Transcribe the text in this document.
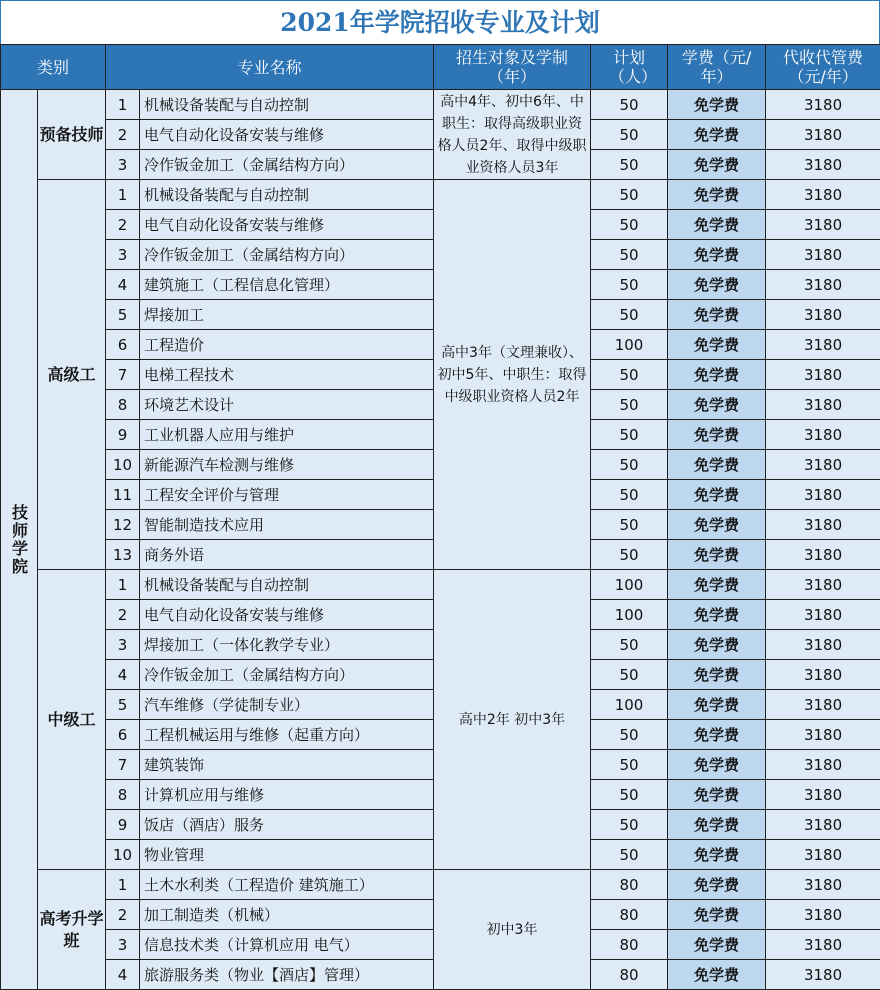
2021年学院招收专业及计划
类别		专业名称		招生对象及学制（年）	计划（人）	学费（元/年）	代收代管费（元/年）
技师学院	预备技师	1	机械设备装配与自动控制	高中4年、初中6年、中职生：取得高级职业资格人员2年、取得中级职业资格人员3年	50	免学费	3180
		2	电气自动化设备安装与维修		50	免学费	3180
		3	冷作钣金加工（金属结构方向）		50	免学费	3180
	高级工	1	机械设备装配与自动控制	高中3年（文理兼收）、初中5年、中职生：取得中级职业资格人员2年	50	免学费	3180
		2	电气自动化设备安装与维修		50	免学费	3180
		3	冷作钣金加工（金属结构方向）		50	免学费	3180
		4	建筑施工（工程信息化管理）		50	免学费	3180
		5	焊接加工		50	免学费	3180
		6	工程造价		100	免学费	3180
		7	电梯工程技术		50	免学费	3180
		8	环境艺术设计		50	免学费	3180
		9	工业机器人应用与维护		50	免学费	3180
		10	新能源汽车检测与维修		50	免学费	3180
		11	工程安全评价与管理		50	免学费	3180
		12	智能制造技术应用		50	免学费	3180
		13	商务外语		50	免学费	3180
	中级工	1	机械设备装配与自动控制	高中2年 初中3年	100	免学费	3180
		2	电气自动化设备安装与维修		100	免学费	3180
		3	焊接加工（一体化教学专业）		50	免学费	3180
		4	冷作钣金加工（金属结构方向）		50	免学费	3180
		5	汽车维修（学徒制专业）		100	免学费	3180
		6	工程机械运用与维修（起重方向）		50	免学费	3180
		7	建筑装饰		50	免学费	3180
		8	计算机应用与维修		50	免学费	3180
		9	饭店（酒店）服务		50	免学费	3180
		10	物业管理		50	免学费	3180
	高考升学班	1	土木水利类（工程造价 建筑施工）	初中3年	80	免学费	3180
		2	加工制造类（机械）		80	免学费	3180
		3	信息技术类（计算机应用 电气）		80	免学费	3180
		4	旅游服务类（物业【酒店】管理）		80	免学费	3180
